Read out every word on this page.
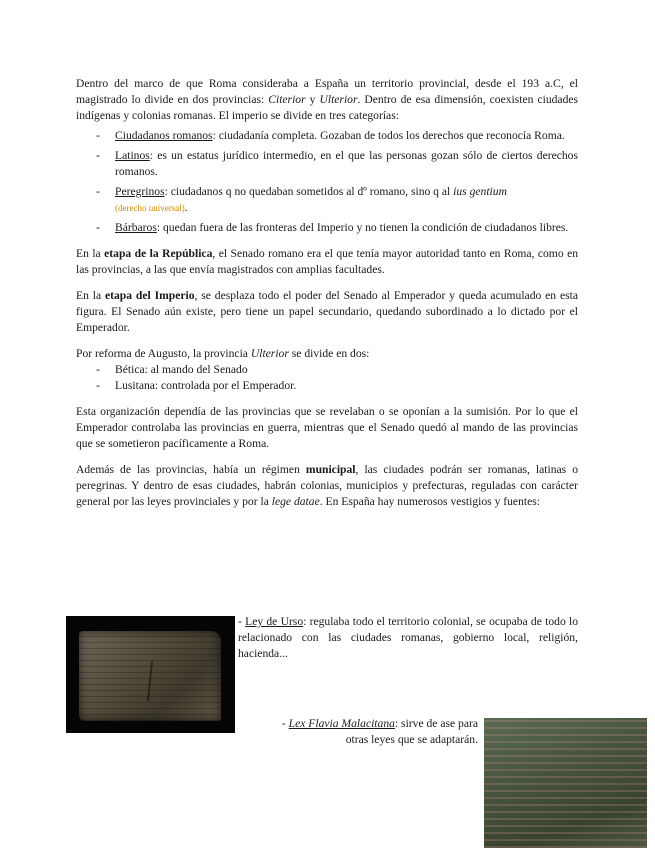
Dentro del marco de que Roma consideraba a España un territorio provincial, desde el 193 a.C, el magistrado lo divide en dos provincias: Citerior y Ulterior. Dentro de esa dimensión, coexisten ciudades indígenas y colonias romanas. El imperio se divide en tres categorías:

- Ciudadanos romanos: ciudadanía completa. Gozaban de todos los derechos que reconocía Roma.
- Latinos: es un estatus jurídico intermedio, en el que las personas gozan sólo de ciertos derechos romanos.
- Peregrinos: ciudadanos q no quedaban sometidos al dº romano, sino q al ius gentium
(derecho universal).
- Bárbaros: quedan fuera de las fronteras del Imperio y no tienen la condición de ciudadanos libres.

En la etapa de la República, el Senado romano era el que tenía mayor autoridad tanto en Roma, como en las provincias, a las que envía magistrados con amplias facultades.

En la etapa del Imperio, se desplaza todo el poder del Senado al Emperador y queda acumulado en esta figura. El Senado aún existe, pero tiene un papel secundario, quedando subordinado a lo dictado por el Emperador.

Por reforma de Augusto, la provincia Ulterior se divide en dos:

- Bética: al mando del Senado
- Lusitana: controlada por el Emperador.

Esta organización dependía de las provincias que se revelaban o se oponían a la sumisión. Por lo que el Emperador controlaba las provincias en guerra, mientras que el Senado quedó al mando de las provincias que se sometieron pacíficamente a Roma.

Además de las provincias, había un régimen municipal, las ciudades podrán ser romanas, latinas o peregrinas. Y dentro de esas ciudades, habrán colonias, municipios y prefecturas, reguladas con carácter general por las leyes provinciales y por la lege datae. En España hay numerosos vestigios y fuentes:

- Ley de Urso: regulaba todo el territorio colonial, se ocupaba de todo lo relacionado con las ciudades romanas, gobierno local, religión, hacienda...
- Lex Flavia Malacitana: sirve de ase para otras leyes que se adaptarán.
